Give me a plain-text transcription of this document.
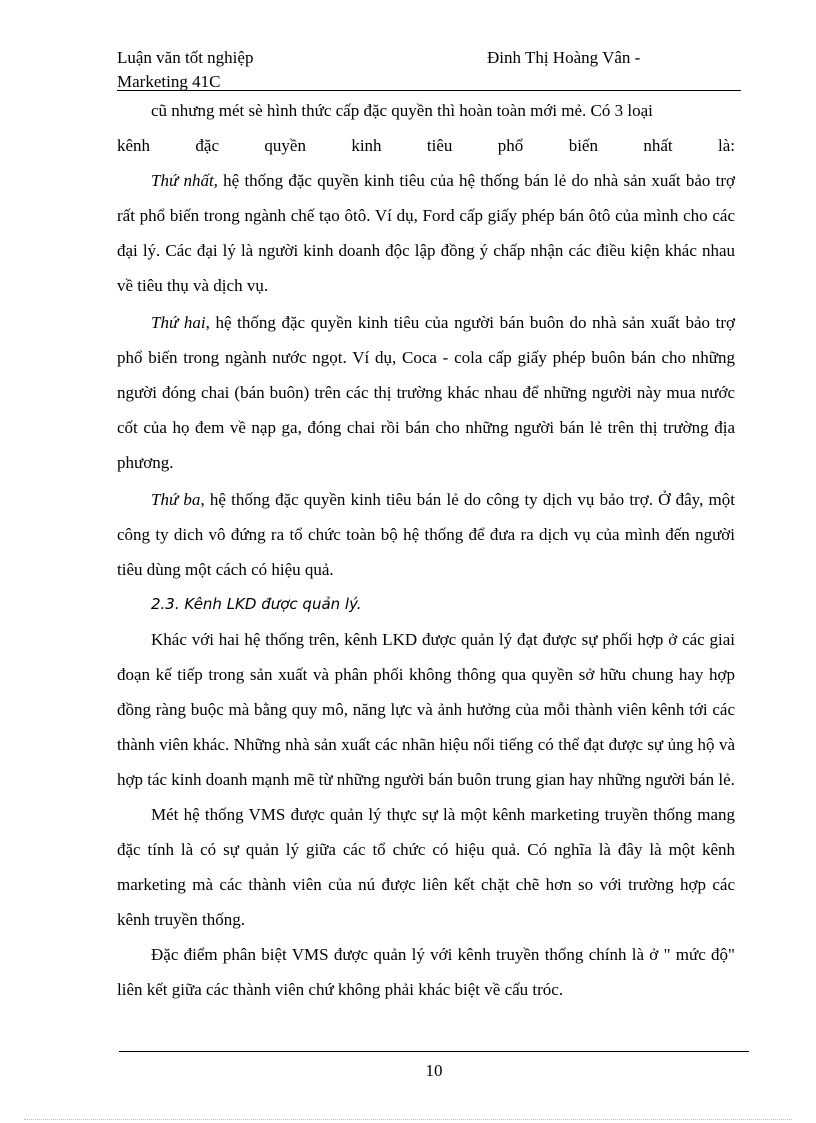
Luận văn tốt nghiệp
Marketing 41C
Đinh Thị Hoàng Vân -

cũ nhưng mét sè hình thức cấp đặc quyền thì hoàn toàn mới mẻ. Có 3 loại

kênh đặc quyền kinh tiêu phổ biến nhất là:

Thứ nhất, hệ thống đặc quyền kinh tiêu của hệ thống bán lẻ do nhà sản xuất bảo trợ rất phổ biến trong ngành chế tạo ôtô. Ví dụ, Ford cấp giấy phép bán ôtô của mình cho các đại lý. Các đại lý là người kinh doanh độc lập đồng ý chấp nhận các điều kiện khác nhau về tiêu thụ và dịch vụ.

Thứ hai, hệ thống đặc quyền kinh tiêu của người bán buôn do nhà sản xuất bảo trợ phổ biến trong ngành nước ngọt. Ví dụ, Coca - cola cấp giấy phép buôn bán cho những người đóng chai (bán buôn) trên các thị trường khác nhau để những người này mua nước cốt của họ đem về nạp ga, đóng chai rồi bán cho những người bán lẻ trên thị trường địa phương.

Thứ ba, hệ thống đặc quyền kinh tiêu bán lẻ do công ty dịch vụ bảo trợ. Ở đây, một công ty dich vô đứng ra tổ chức toàn bộ hệ thống để đưa ra dịch vụ của mình đến người tiêu dùng một cách có hiệu quả.

2.3. Kênh LKD được quản lý.

Khác với hai hệ thống trên, kênh LKD được quản lý đạt được sự phối hợp ở các giai đoạn kế tiếp trong sản xuất và phân phối không thông qua quyền sở hữu chung hay hợp đồng ràng buộc mà bằng quy mô, năng lực và ảnh hưởng của mỗi thành viên kênh tới các thành viên khác. Những nhà sản xuất các nhãn hiệu nổi tiếng có thể đạt được sự ủng hộ và hợp tác kinh doanh mạnh mẽ từ những người bán buôn trung gian hay những người bán lẻ.

Mét hệ thống VMS được quản lý thực sự là một kênh marketing truyền thống mang đặc tính là có sự quản lý giữa các tổ chức có hiệu quả. Có nghĩa là đây là một kênh marketing mà các thành viên của nú được liên kết chặt chẽ hơn so với trường hợp các kênh truyền thống.

Đặc điểm phân biệt VMS được quản lý với kênh truyền thống chính là ở " mức độ" liên kết giữa các thành viên chứ không phải khác biệt về cấu tróc.

10
